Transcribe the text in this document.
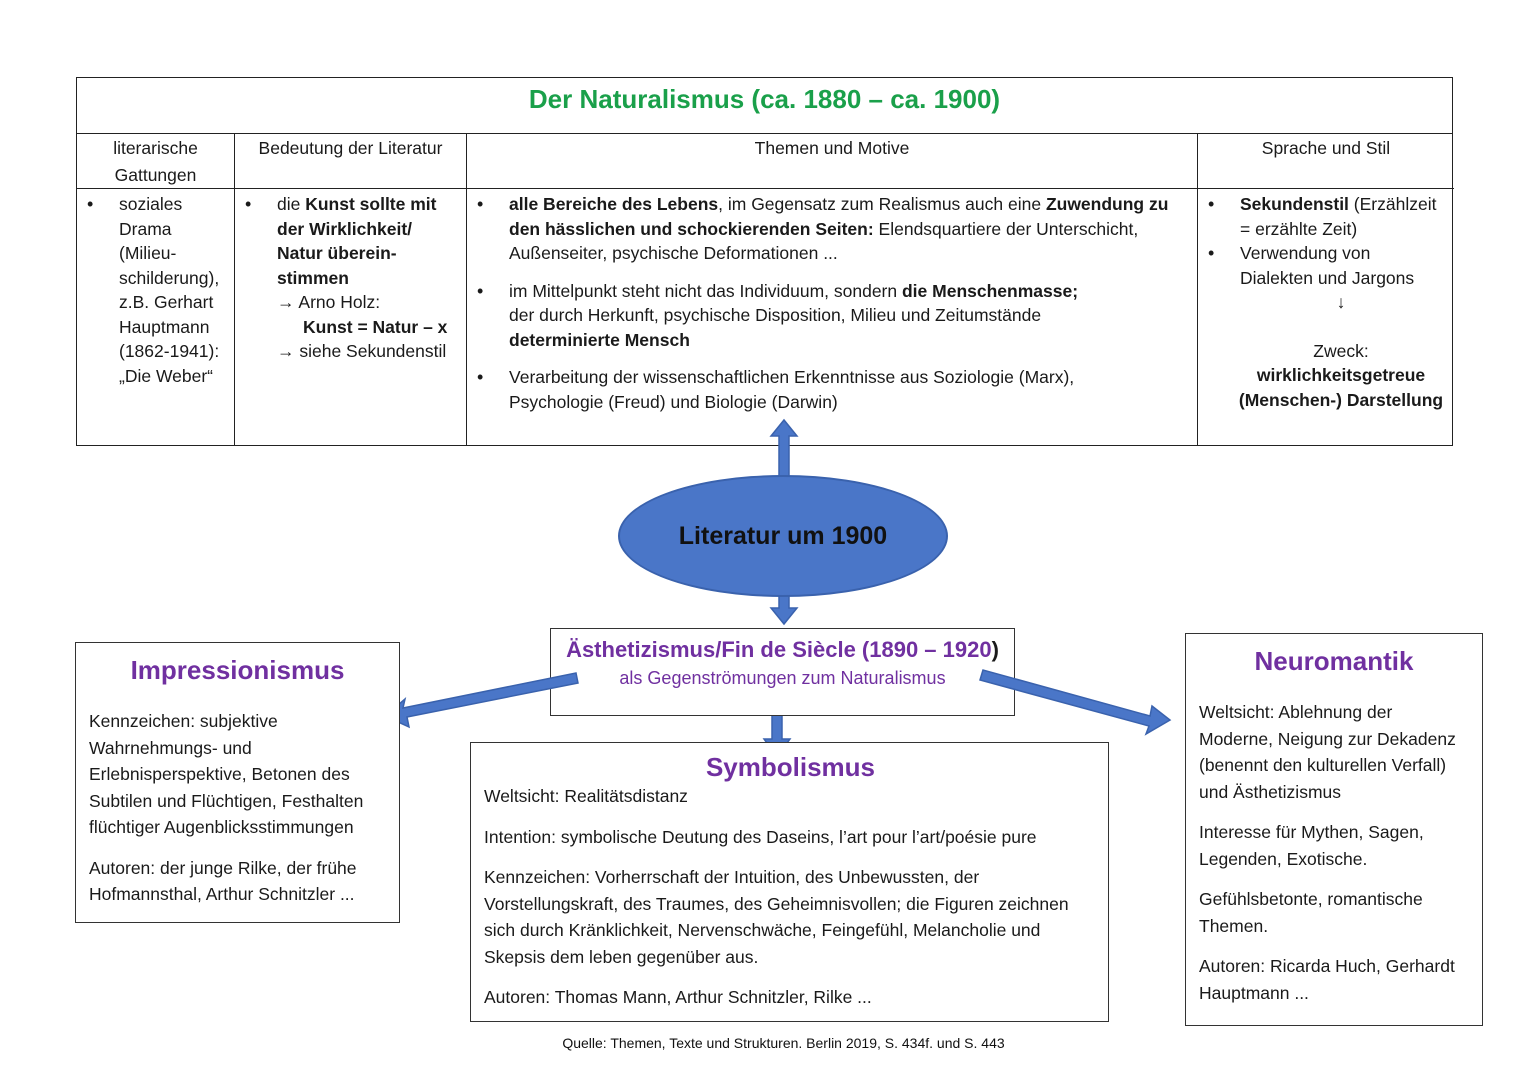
Der Naturalismus (ca. 1880 – ca. 1900)
literarische
Gattungen
• soziales
Drama
(Milieu-
schilderung),
z.B. Gerhart
Hauptmann
(1862-1941):
„Die Weber“
Bedeutung der Literatur
• die Kunst sollte mit
der Wirklichkeit/
Natur überein-
stimmen
→ Arno Holz:
Kunst = Natur – x
→ siehe Sekundenstil
Themen und Motive
• alle Bereiche des Lebens, im Gegensatz zum Realismus auch eine Zuwendung zu
den hässlichen und schockierenden Seiten: Elendsquartiere der Unterschicht,
Außenseiter, psychische Deformationen ...
• im Mittelpunkt steht nicht das Individuum, sondern die Menschenmasse;
der durch Herkunft, psychische Disposition, Milieu und Zeitumstände
determinierte Mensch
• Verarbeitung der wissenschaftlichen Erkenntnisse aus Soziologie (Marx),
Psychologie (Freud) und Biologie (Darwin)
Sprache und Stil
• Sekundenstil (Erzählzeit
= erzählte Zeit)
• Verwendung von
Dialekten und Jargons
↓
Zweck:
wirklichkeitsgetreue
(Menschen-) Darstellung
Literatur um 1900
Ästhetizismus/Fin de Siècle (1890 – 1920)
als Gegenströmungen zum Naturalismus
Impressionismus
Kennzeichen: subjektive
Wahrnehmungs- und
Erlebnisperspektive, Betonen des
Subtilen und Flüchtigen, Festhalten
flüchtiger Augenblicksstimmungen
Autoren: der junge Rilke, der frühe
Hofmannsthal, Arthur Schnitzler ...
Symbolismus
Weltsicht: Realitätsdistanz
Intention: symbolische Deutung des Daseins, l’art pour l’art/poésie pure
Kennzeichen: Vorherrschaft der Intuition, des Unbewussten, der
Vorstellungskraft, des Traumes, des Geheimnisvollen; die Figuren zeichnen
sich durch Kränklichkeit, Nervenschwäche, Feingefühl, Melancholie und
Skepsis dem leben gegenüber aus.
Autoren: Thomas Mann, Arthur Schnitzler, Rilke ...
Neuromantik
Weltsicht: Ablehnung der
Moderne, Neigung zur Dekadenz
(benennt den kulturellen Verfall)
und Ästhetizismus
Interesse für Mythen, Sagen,
Legenden, Exotische.
Gefühlsbetonte, romantische
Themen.
Autoren: Ricarda Huch, Gerhardt
Hauptmann ...
Quelle: Themen, Texte und Strukturen. Berlin 2019, S. 434f. und S. 443
